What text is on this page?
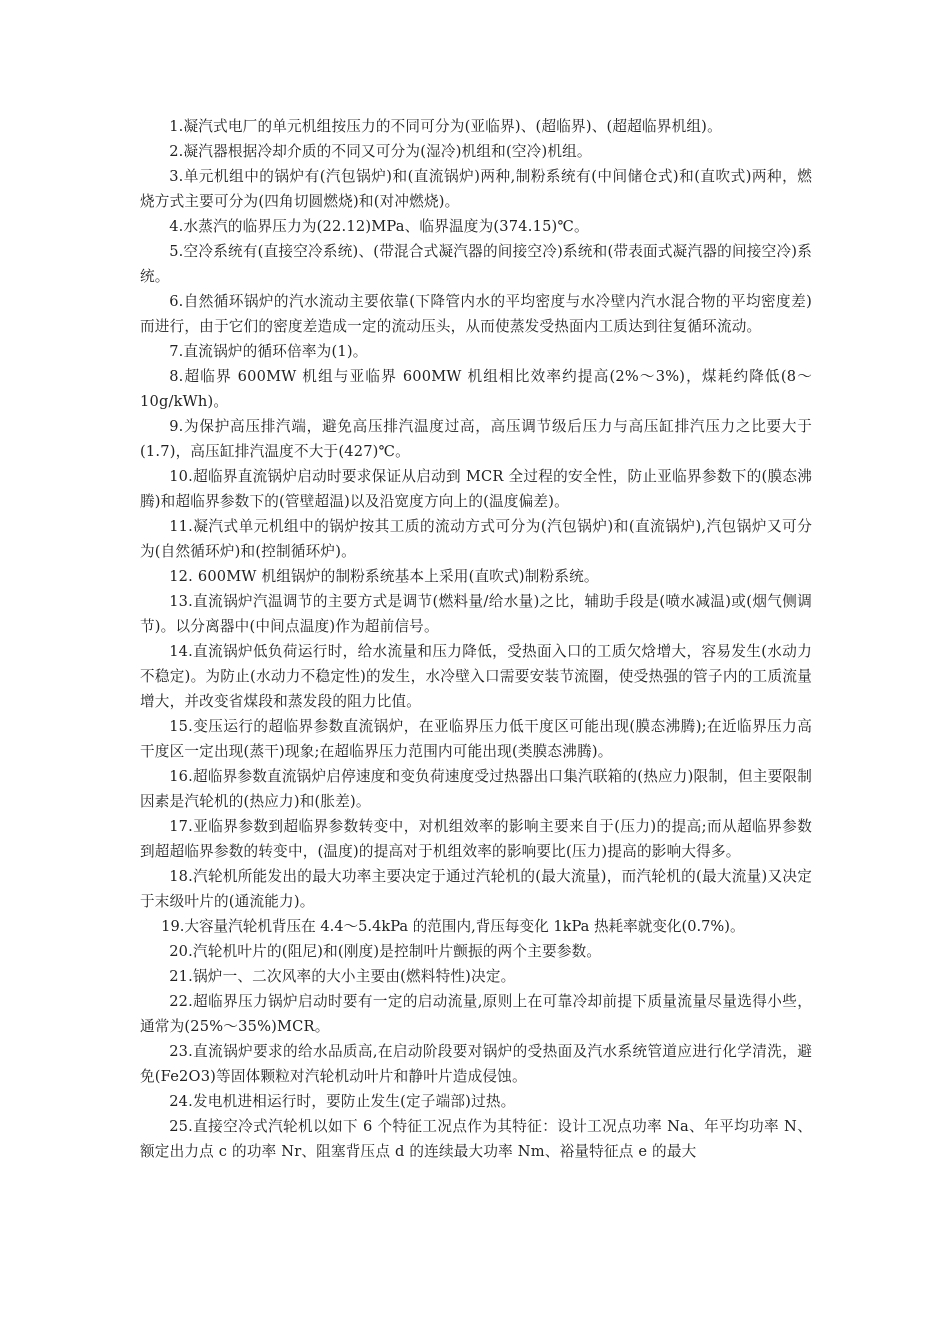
1.凝汽式电厂的单元机组按压力的不同可分为(亚临界)、(超临界)、(超超临界机组)。

2.凝汽器根据冷却介质的不同又可分为(湿冷)机组和(空冷)机组。

3.单元机组中的锅炉有(汽包锅炉)和(直流锅炉)两种,制粉系统有(中间储仓式)和(直吹式)两种，燃烧方式主要可分为(四角切圆燃烧)和(对冲燃烧)。

4.水蒸汽的临界压力为(22.12)MPa、临界温度为(374.15)℃。

5.空冷系统有(直接空冷系统)、(带混合式凝汽器的间接空冷)系统和(带表面式凝汽器的间接空冷)系统。

6.自然循环锅炉的汽水流动主要依靠(下降管内水的平均密度与水冷壁内汽水混合物的平均密度差)而进行，由于它们的密度差造成一定的流动压头，从而使蒸发受热面内工质达到往复循环流动。

7.直流锅炉的循环倍率为(1)。

8.超临界 600MW 机组与亚临界 600MW 机组相比效率约提高(2%～3%)，煤耗约降低(8～10g/kWh)。

9.为保护高压排汽端，避免高压排汽温度过高，高压调节级后压力与高压缸排汽压力之比要大于(1.7)，高压缸排汽温度不大于(427)℃。

10.超临界直流锅炉启动时要求保证从启动到 MCR 全过程的安全性，防止亚临界参数下的(膜态沸腾)和超临界参数下的(管壁超温)以及沿宽度方向上的(温度偏差)。

11.凝汽式单元机组中的锅炉按其工质的流动方式可分为(汽包锅炉)和(直流锅炉),汽包锅炉又可分为(自然循环炉)和(控制循环炉)。

12. 600MW 机组锅炉的制粉系统基本上采用(直吹式)制粉系统。

13.直流锅炉汽温调节的主要方式是调节(燃料量/给水量)之比，辅助手段是(喷水减温)或(烟气侧调节)。以分离器中(中间点温度)作为超前信号。

14.直流锅炉低负荷运行时，给水流量和压力降低，受热面入口的工质欠焓增大，容易发生(水动力不稳定)。为防止(水动力不稳定性)的发生，水冷壁入口需要安装节流圈，使受热强的管子内的工质流量增大，并改变省煤段和蒸发段的阻力比值。

15.变压运行的超临界参数直流锅炉，在亚临界压力低干度区可能出现(膜态沸腾);在近临界压力高干度区一定出现(蒸干)现象;在超临界压力范围内可能出现(类膜态沸腾)。

16.超临界参数直流锅炉启停速度和变负荷速度受过热器出口集汽联箱的(热应力)限制，但主要限制因素是汽轮机的(热应力)和(胀差)。

17.亚临界参数到超临界参数转变中，对机组效率的影响主要来自于(压力)的提高;而从超临界参数到超超临界参数的转变中，(温度)的提高对于机组效率的影响要比(压力)提高的影响大得多。

18.汽轮机所能发出的最大功率主要决定于通过汽轮机的(最大流量)，而汽轮机的(最大流量)又决定于末级叶片的(通流能力)。

19.大容量汽轮机背压在 4.4～5.4kPa 的范围内,背压每变化 1kPa 热耗率就变化(0.7%)。

20.汽轮机叶片的(阻尼)和(刚度)是控制叶片颤振的两个主要参数。

21.锅炉一、二次风率的大小主要由(燃料特性)决定。

22.超临界压力锅炉启动时要有一定的启动流量,原则上在可靠冷却前提下质量流量尽量选得小些，通常为(25%～35%)MCR。

23.直流锅炉要求的给水品质高,在启动阶段要对锅炉的受热面及汽水系统管道应进行化学清洗，避免(Fe2O3)等固体颗粒对汽轮机动叶片和静叶片造成侵蚀。

24.发电机进相运行时，要防止发生(定子端部)过热。

25.直接空冷式汽轮机以如下 6 个特征工况点作为其特征：设计工况点功率 Na、年平均功率 N、额定出力点 c 的功率 Nr、阻塞背压点 d 的连续最大功率 Nm、裕量特征点 e 的最大
